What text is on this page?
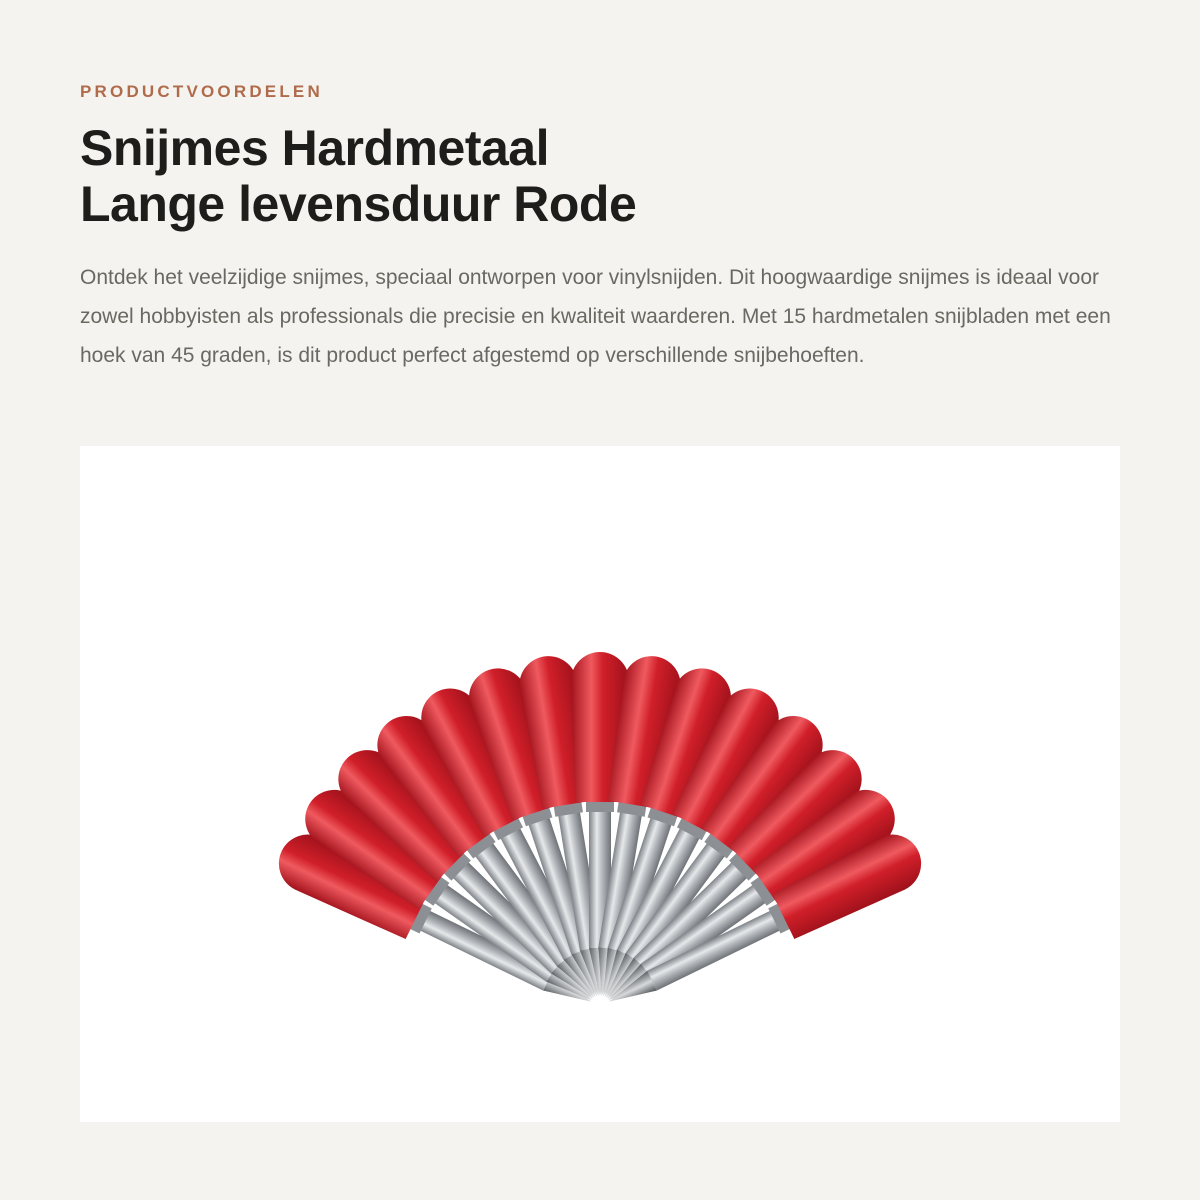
PRODUCTVOORDELEN
Snijmes Hardmetaal
Lange levensduur Rode

Ontdek het veelzijdige snijmes, speciaal ontworpen voor vinylsnijden. Dit hoogwaardige snijmes is ideaal voor zowel hobbyisten als professionals die precisie en kwaliteit waarderen. Met 15 hardmetalen snijbladen met een hoek van 45 graden, is dit product perfect afgestemd op verschillende snijbehoeften.
